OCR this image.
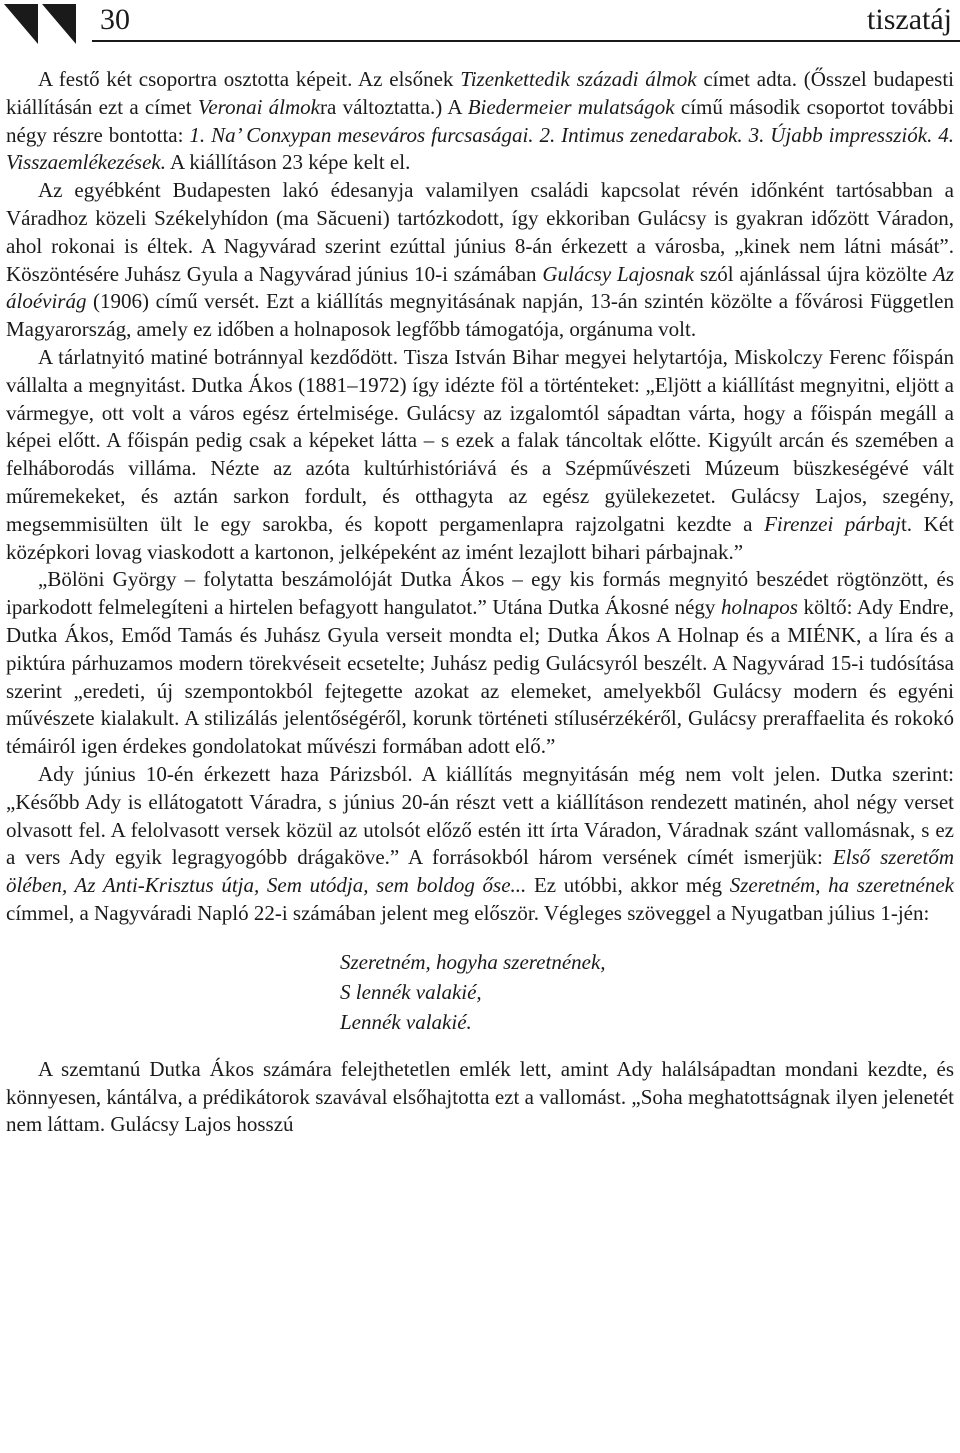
30	tiszatáj

A festő két csoportra osztotta képeit. Az elsőnek Tizenkettedik századi álmok címet adta. (Ősszel budapesti kiállításán ezt a címet Veronai álmokra változtatta.) A Biedermeier mulatságok című második csoportot további négy részre bontotta: 1. Na’ Conxypan meseváros furcsaságai. 2. Intimus zenedarabok. 3. Újabb impressziók. 4. Visszaemlékezések. A kiállításon 23 képe kelt el.

Az egyébként Budapesten lakó édesanyja valamilyen családi kapcsolat révén időnként tartósabban a Váradhoz közeli Székelyhídon (ma Săcueni) tartózkodott, így ekkoriban Gulácsy is gyakran időzött Váradon, ahol rokonai is éltek. A Nagyvárad szerint ezúttal június 8-án érkezett a városba, „kinek nem látni mását”. Köszöntésére Juhász Gyula a Nagyvárad június 10-i számában Gulácsy Lajosnak szól ajánlással újra közölte Az áloévirág (1906) című versét. Ezt a kiállítás megnyitásának napján, 13-án szintén közölte a fővárosi Független Magyarország, amely ez időben a holnaposok legfőbb támogatója, orgánuma volt.

A tárlatnyitó matiné botránnyal kezdődött. Tisza István Bihar megyei helytartója, Miskolczy Ferenc főispán vállalta a megnyitást. Dutka Ákos (1881–1972) így idézte föl a történteket: „Eljött a kiállítást megnyitni, eljött a vármegye, ott volt a város egész értelmisége. Gulácsy az izgalomtól sápadtan várta, hogy a főispán megáll a képei előtt. A főispán pedig csak a képeket látta – s ezek a falak táncoltak előtte. Kigyúlt arcán és szemében a felháborodás villáma. Nézte az azóta kultúrhistóriává és a Szépművészeti Múzeum büszkeségévé vált műremekeket, és aztán sarkon fordult, és otthagyta az egész gyülekezetet. Gulácsy Lajos, szegény, megsemmisülten ült le egy sarokba, és kopott pergamenlapra rajzolgatni kezdte a Firenzei párbajt. Két középkori lovag viaskodott a kartonon, jelképeként az imént lezajlott bihari párbajnak.”

„Bölöni György – folytatta beszámolóját Dutka Ákos – egy kis formás megnyitó beszédet rögtönzött, és iparkodott felmelegíteni a hirtelen befagyott hangulatot.” Utána Dutka Ákosné négy holnapos költő: Ady Endre, Dutka Ákos, Emőd Tamás és Juhász Gyula verseit mondta el; Dutka Ákos A Holnap és a MIÉNK, a líra és a piktúra párhuzamos modern törekvéseit ecsetelte; Juhász pedig Gulácsyról beszélt. A Nagyvárad 15-i tudósítása szerint „eredeti, új szempontokból fejtegette azokat az elemeket, amelyekből Gulácsy modern és egyéni művészete kialakult. A stilizálás jelentőségéről, korunk történeti stílusérzékéről, Gulácsy preraffaelita és rokokó témáiról igen érdekes gondolatokat művészi formában adott elő.”

Ady június 10-én érkezett haza Párizsból. A kiállítás megnyitásán még nem volt jelen. Dutka szerint: „Később Ady is ellátogatott Váradra, s június 20-án részt vett a kiállításon rendezett matinén, ahol négy verset olvasott fel. A felolvasott versek közül az utolsót előző estén itt írta Váradon, Váradnak szánt vallomásnak, s ez a vers Ady egyik legragyogóbb drágaköve.” A forrásokból három versének címét ismerjük: Első szeretőm ölében, Az Anti-Krisztus útja, Sem utódja, sem boldog őse... Ez utóbbi, akkor még Szeretném, ha szeretnének címmel, a Nagyváradi Napló 22-i számában jelent meg először. Végleges szöveggel a Nyugatban július 1-jén:

Szeretném, hogyha szeretnének,
S lennék valakié,
Lennék valakié.

A szemtanú Dutka Ákos számára felejthetetlen emlék lett, amint Ady halálsápadtan mondani kezdte, és könnyesen, kántálva, a prédikátorok szavával elsőhajtotta ezt a vallomást. „Soha meghatottságnak ilyen jelenetét nem láttam. Gulácsy Lajos hosszú
